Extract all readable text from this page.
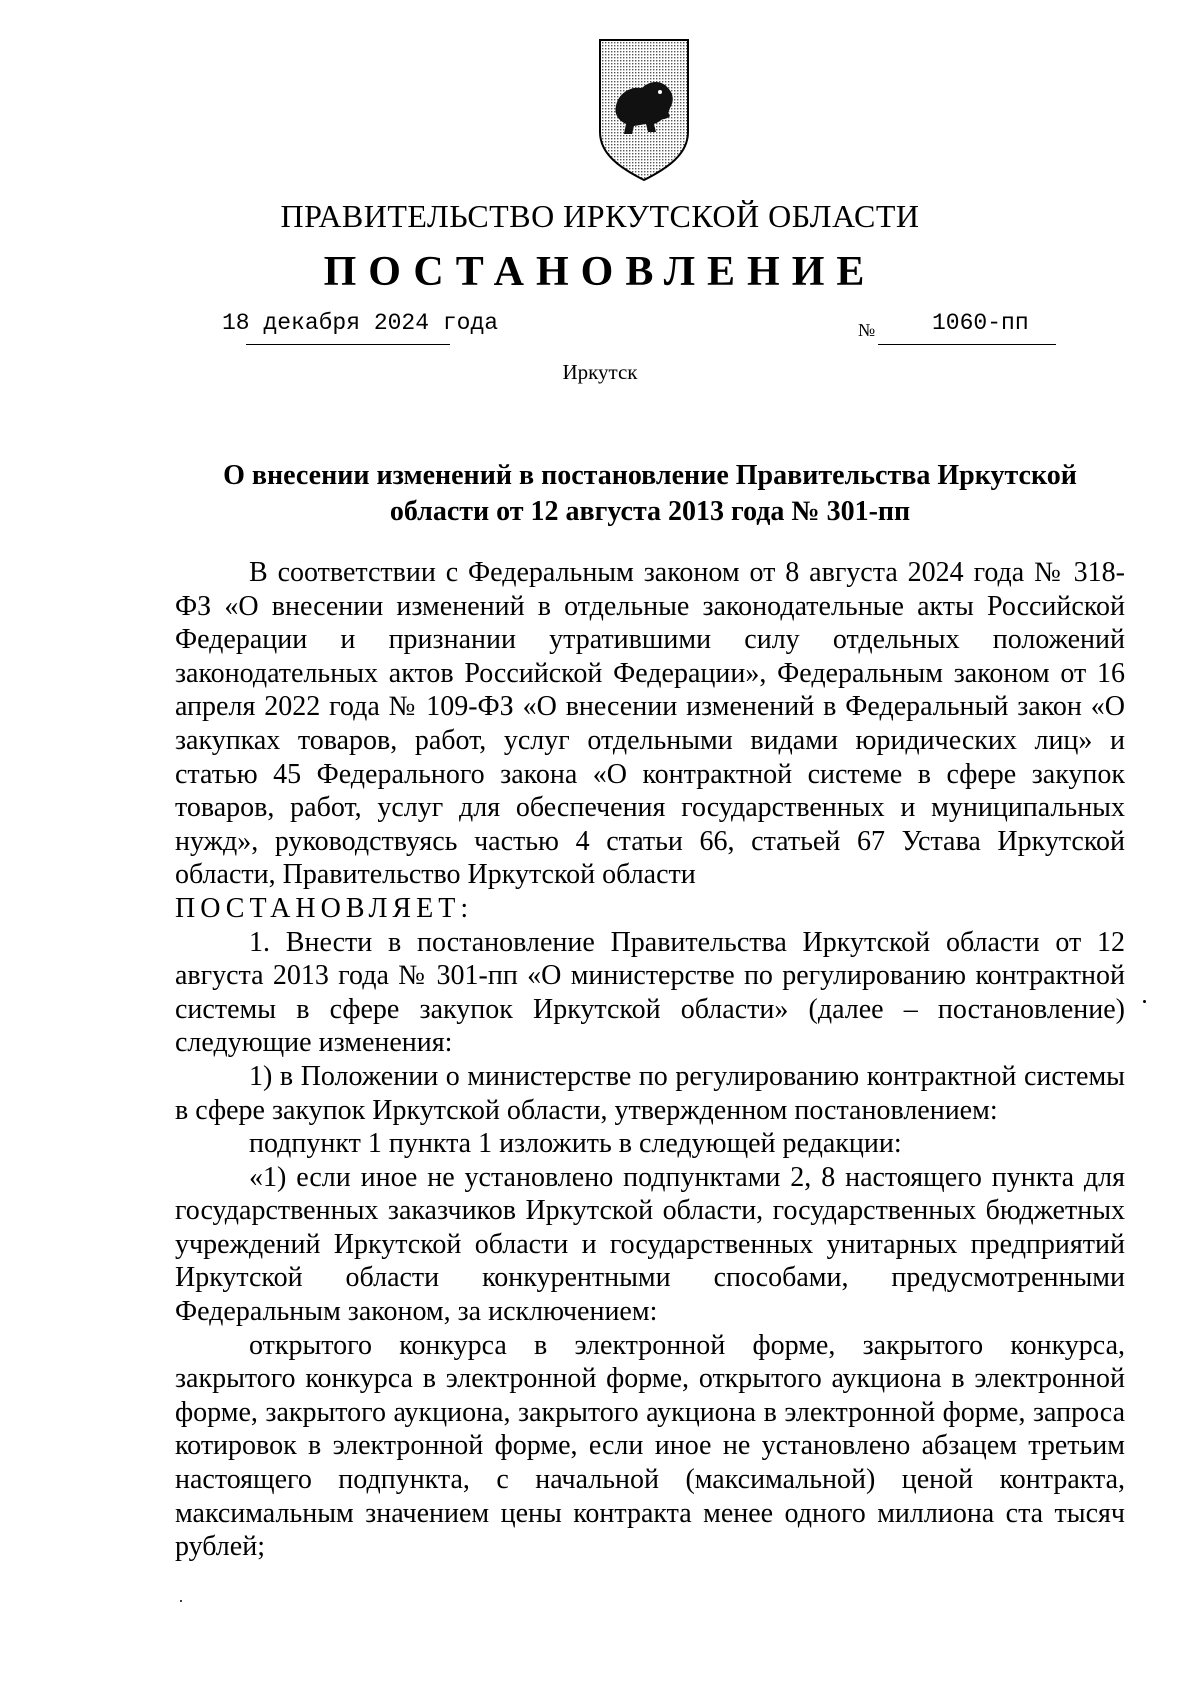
ПРАВИТЕЛЬСТВО ИРКУТСКОЙ ОБЛАСТИ
ПОСТАНОВЛЕНИЕ
18 декабря 2024 года	№ 1060-пп
Иркутск
О внесении изменений в постановление Правительства Иркутской области от 12 августа 2013 года № 301-пп

В соответствии с Федеральным законом от 8 августа 2024 года № 318-ФЗ «О внесении изменений в отдельные законодательные акты Российской Федерации и признании утратившими силу отдельных положений законодательных актов Российской Федерации», Федеральным законом от 16 апреля 2022 года № 109-ФЗ «О внесении изменений в Федеральный закон «О закупках товаров, работ, услуг отдельными видами юридических лиц» и статью 45 Федерального закона «О контрактной системе в сфере закупок товаров, работ, услуг для обеспечения государственных и муниципальных нужд», руководствуясь частью 4 статьи 66, статьей 67 Устава Иркутской области, Правительство Иркутской области

ПОСТАНОВЛЯЕТ:

1. Внести в постановление Правительства Иркутской области от 12 августа 2013 года № 301-пп «О министерстве по регулированию контрактной системы в сфере закупок Иркутской области» (далее – постановление) следующие изменения:

1) в Положении о министерстве по регулированию контрактной системы в сфере закупок Иркутской области, утвержденном постановлением:

подпункт 1 пункта 1 изложить в следующей редакции:

«1) если иное не установлено подпунктами 2, 8 настоящего пункта для государственных заказчиков Иркутской области, государственных бюджетных учреждений Иркутской области и государственных унитарных предприятий Иркутской области конкурентными способами, предусмотренными Федеральным законом, за исключением:

открытого конкурса в электронной форме, закрытого конкурса, закрытого конкурса в электронной форме, открытого аукциона в электронной форме, закрытого аукциона, закрытого аукциона в электронной форме, запроса котировок в электронной форме, если иное не установлено абзацем третьим настоящего подпункта, с начальной (максимальной) ценой контракта, максимальным значением цены контракта менее одного миллиона ста тысяч рублей;
